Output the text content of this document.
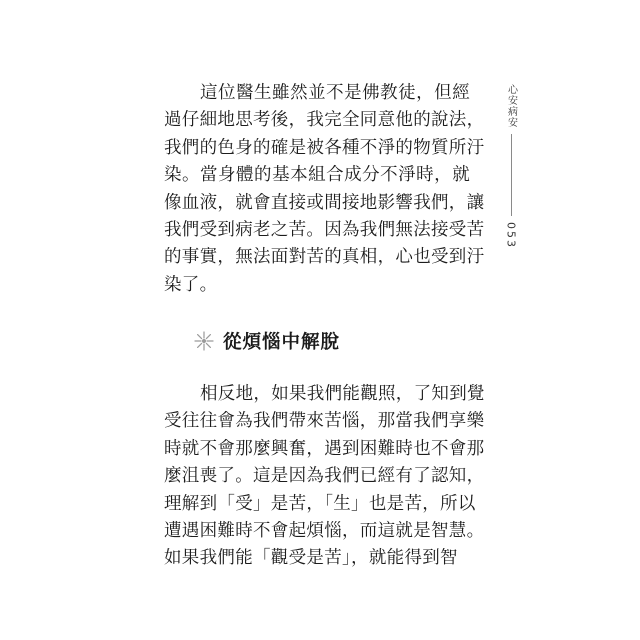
這位醫生雖然並不是佛教徒，但經
過仔細地思考後，我完全同意他的說法，
我們的色身的確是被各種不淨的物質所汙
染。當身體的基本組合成分不淨時，就
像血液，就會直接或間接地影響我們，讓
我們受到病老之苦。因為我們無法接受苦
的事實，無法面對苦的真相，心也受到汙
染了。
從煩惱中解脫
相反地，如果我們能觀照，了知到覺
受往往會為我們帶來苦惱，那當我們享樂
時就不會那麼興奮，遇到困難時也不會那
麼沮喪了。這是因為我們已經有了認知，
理解到「受」是苦，「生」也是苦，所以
遭遇困難時不會起煩惱，而這就是智慧。
如果我們能「觀受是苦」，就能得到智
心安病安
053
